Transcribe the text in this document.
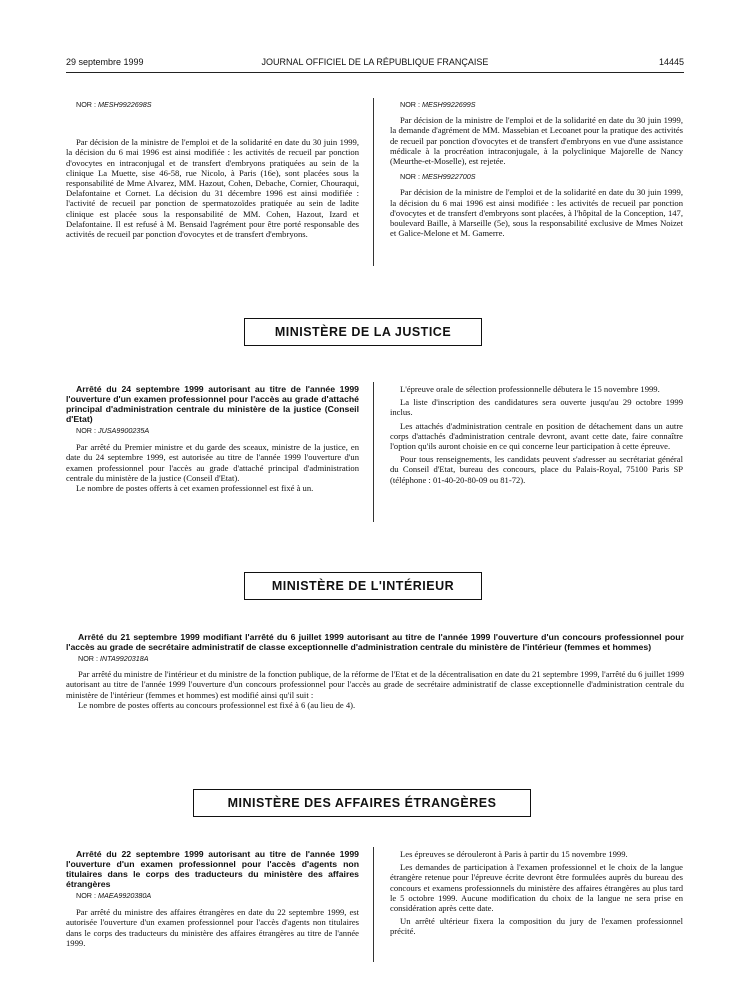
29 septembre 1999	JOURNAL OFFICIEL DE LA RÉPUBLIQUE FRANÇAISE	14445

NOR : MESH9922698S

Par décision de la ministre de l'emploi et de la solidarité en date du 30 juin 1999, la décision du 6 mai 1996 est ainsi modifiée : les activités de recueil par ponction d'ovocytes en intraconjugal et de transfert d'embryons pratiquées au sein de la clinique La Muette, sise 46-58, rue Nicolo, à Paris (16e), sont placées sous la responsabilité de Mme Alvarez, MM. Hazout, Cohen, Debache, Cornier, Chouraqui, Delafontaine et Cornet. La décision du 31 décembre 1996 est ainsi modifiée : l'activité de recueil par ponction de spermatozoïdes pratiquée au sein de ladite clinique est placée sous la responsabilité de MM. Cohen, Hazout, Izard et Delafontaine. Il est refusé à M. Bensaid l'agrément pour être porté responsable des activités de recueil par ponction d'ovocytes et de transfert d'embryons.

NOR : MESH9922699S

Par décision de la ministre de l'emploi et de la solidarité en date du 30 juin 1999, la demande d'agrément de MM. Massebian et Lecoanet pour la pratique des activités de recueil par ponction d'ovocytes et de transfert d'embryons en vue d'une assistance médicale à la procréation intraconjugale, à la polyclinique Majorelle de Nancy (Meurthe-et-Moselle), est rejetée.

NOR : MESH9922700S

Par décision de la ministre de l'emploi et de la solidarité en date du 30 juin 1999, la décision du 6 mai 1996 est ainsi modifiée : les activités de recueil par ponction d'ovocytes et de transfert d'embryons sont placées, à l'hôpital de la Conception, 147, boulevard Baille, à Marseille (5e), sous la responsabilité exclusive de Mmes Noizet et Galice-Melone et M. Gamerre.

MINISTÈRE DE LA JUSTICE

Arrêté du 24 septembre 1999 autorisant au titre de l'année 1999 l'ouverture d'un examen professionnel pour l'accès au grade d'attaché principal d'administration centrale du ministère de la justice (Conseil d'Etat)

NOR : JUSA9900235A

Par arrêté du Premier ministre et du garde des sceaux, ministre de la justice, en date du 24 septembre 1999, est autorisée au titre de l'année 1999 l'ouverture d'un examen professionnel pour l'accès au grade d'attaché principal d'administration centrale du ministère de la justice (Conseil d'Etat).

Le nombre de postes offerts à cet examen professionnel est fixé à un.

L'épreuve orale de sélection professionnelle débutera le 15 novembre 1999.

La liste d'inscription des candidatures sera ouverte jusqu'au 29 octobre 1999 inclus.

Les attachés d'administration centrale en position de détachement dans un autre corps d'attachés d'administration centrale devront, avant cette date, faire connaître l'option qu'ils auront choisie en ce qui concerne leur participation à cette épreuve.

Pour tous renseignements, les candidats peuvent s'adresser au secrétariat général du Conseil d'Etat, bureau des concours, place du Palais-Royal, 75100 Paris SP (téléphone : 01-40-20-80-09 ou 81-72).

MINISTÈRE DE L'INTÉRIEUR

Arrêté du 21 septembre 1999 modifiant l'arrêté du 6 juillet 1999 autorisant au titre de l'année 1999 l'ouverture d'un concours professionnel pour l'accès au grade de secrétaire administratif de classe exceptionnelle d'administration centrale du ministère de l'intérieur (femmes et hommes)

NOR : INTA9920318A

Par arrêté du ministre de l'intérieur et du ministre de la fonction publique, de la réforme de l'Etat et de la décentralisation en date du 21 septembre 1999, l'arrêté du 6 juillet 1999 autorisant au titre de l'année 1999 l'ouverture d'un concours professionnel pour l'accès au grade de secrétaire administratif de classe exceptionnelle d'administration centrale du ministère de l'intérieur (femmes et hommes) est modifié ainsi qu'il suit :

Le nombre de postes offerts au concours professionnel est fixé à 6 (au lieu de 4).

MINISTÈRE DES AFFAIRES ÉTRANGÈRES

Arrêté du 22 septembre 1999 autorisant au titre de l'année 1999 l'ouverture d'un examen professionnel pour l'accès d'agents non titulaires dans le corps des traducteurs du ministère des affaires étrangères

NOR : MAEA9920380A

Par arrêté du ministre des affaires étrangères en date du 22 septembre 1999, est autorisée l'ouverture d'un examen professionnel pour l'accès d'agents non titulaires dans le corps des traducteurs du ministère des affaires étrangères au titre de l'année 1999.

Les épreuves se dérouleront à Paris à partir du 15 novembre 1999.

Les demandes de participation à l'examen professionnel et le choix de la langue étrangère retenue pour l'épreuve écrite devront être formulées auprès du bureau des concours et examens professionnels du ministère des affaires étrangères au plus tard le 5 octobre 1999. Aucune modification du choix de la langue ne sera prise en considération après cette date.

Un arrêté ultérieur fixera la composition du jury de l'examen professionnel précité.
